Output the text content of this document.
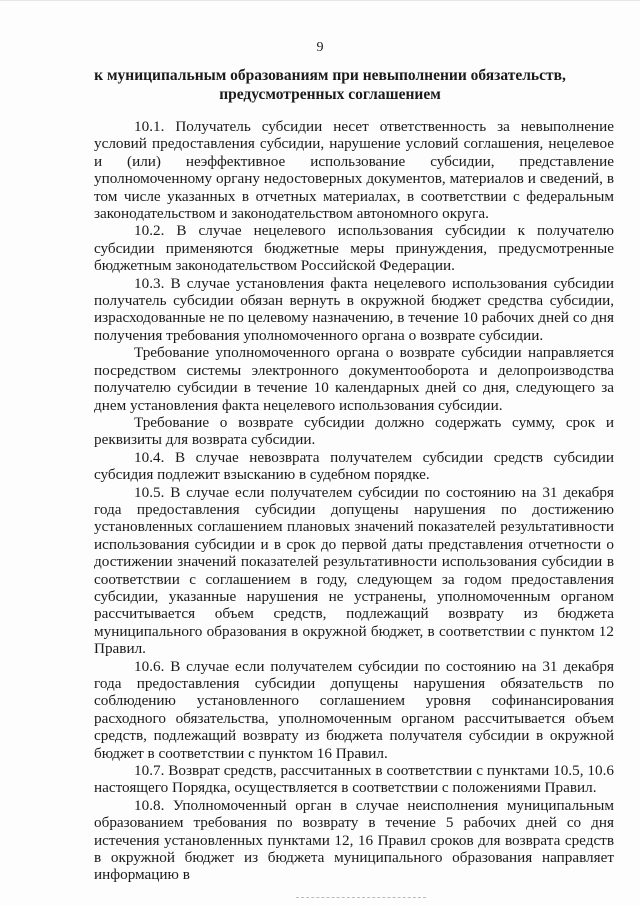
9
к муниципальным образованиям при невыполнении обязательств,
предусмотренных соглашением

10.1. Получатель субсидии несет ответственность за невыполнение условий предоставления субсидии, нарушение условий соглашения, нецелевое и (или) неэффективное использование субсидии, представление уполномоченному органу недостоверных документов, материалов и сведений, в том числе указанных в отчетных материалах, в соответствии с федеральным законодательством и законодательством автономного округа.

10.2. В случае нецелевого использования субсидии к получателю субсидии применяются бюджетные меры принуждения, предусмотренные бюджетным законодательством Российской Федерации.

10.3. В случае установления факта нецелевого использования субсидии получатель субсидии обязан вернуть в окружной бюджет средства субсидии, израсходованные не по целевому назначению, в течение 10 рабочих дней со дня получения требования уполномоченного органа о возврате субсидии.

Требование уполномоченного органа о возврате субсидии направляется посредством системы электронного документооборота и делопроизводства получателю субсидии в течение 10 календарных дней со дня, следующего за днем установления факта нецелевого использования субсидии.

Требование о возврате субсидии должно содержать сумму, срок и реквизиты для возврата субсидии.

10.4. В случае невозврата получателем субсидии средств субсидии субсидия подлежит взысканию в судебном порядке.

10.5. В случае если получателем субсидии по состоянию на 31 декабря года предоставления субсидии допущены нарушения по достижению установленных соглашением плановых значений показателей результативности использования субсидии и в срок до первой даты представления отчетности о достижении значений показателей результативности использования субсидии в соответствии с соглашением в году, следующем за годом предоставления субсидии, указанные нарушения не устранены, уполномоченным органом рассчитывается объем средств, подлежащий возврату из бюджета муниципального образования в окружной бюджет, в соответствии с пунктом 12 Правил.

10.6. В случае если получателем субсидии по состоянию на 31 декабря года предоставления субсидии допущены нарушения обязательств по соблюдению установленного соглашением уровня софинансирования расходного обязательства, уполномоченным органом рассчитывается объем средств, подлежащий возврату из бюджета получателя субсидии в окружной бюджет в соответствии с пунктом 16 Правил.

10.7. Возврат средств, рассчитанных в соответствии с пунктами 10.5, 10.6 настоящего Порядка, осуществляется в соответствии с положениями Правил.

10.8. Уполномоченный орган в случае неисполнения муниципальным образованием требования по возврату в течение 5 рабочих дней со дня истечения установленных пунктами 12, 16 Правил сроков для возврата средств в окружной бюджет из бюджета муниципального образования направляет информацию в
